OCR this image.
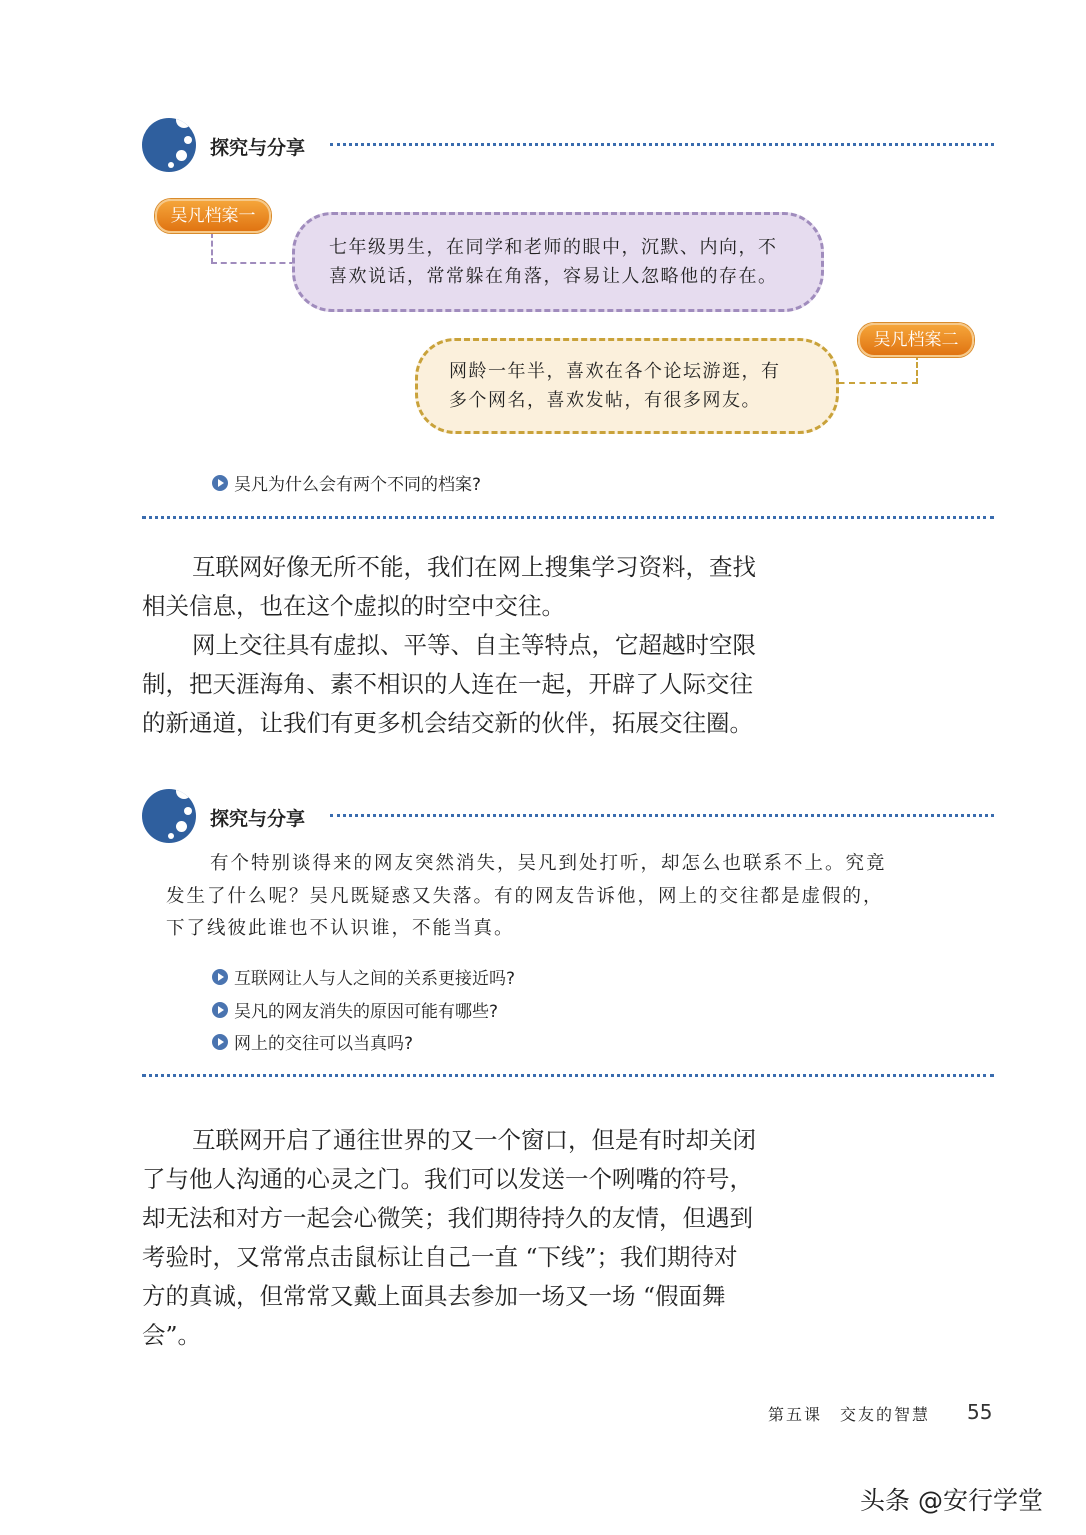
探究与分享
吴凡档案一
七年级男生，在同学和老师的眼中，沉默、内向，不
喜欢说话，常常躲在角落，容易让人忽略他的存在。
吴凡档案二
网龄一年半，喜欢在各个论坛游逛，有
多个网名，喜欢发帖，有很多网友。
吴凡为什么会有两个不同的档案?
互联网好像无所不能，我们在网上搜集学习资料，查找
相关信息，也在这个虚拟的时空中交往。
网上交往具有虚拟、平等、自主等特点，它超越时空限
制，把天涯海角、素不相识的人连在一起，开辟了人际交往
的新通道，让我们有更多机会结交新的伙伴，拓展交往圈。
探究与分享
有个特别谈得来的网友突然消失，吴凡到处打听，却怎么也联系不上。究竟
发生了什么呢？吴凡既疑惑又失落。有的网友告诉他，网上的交往都是虚假的，
下了线彼此谁也不认识谁，不能当真。
互联网让人与人之间的关系更接近吗?
吴凡的网友消失的原因可能有哪些?
网上的交往可以当真吗?
互联网开启了通往世界的又一个窗口，但是有时却关闭
了与他人沟通的心灵之门。我们可以发送一个咧嘴的符号，
却无法和对方一起会心微笑；我们期待持久的友情，但遇到
考验时，又常常点击鼠标让自己一直 “下线”；我们期待对
方的真诚，但常常又戴上面具去参加一场又一场 “假面舞
会”。
第五课　交友的智慧 55
头条 @安行学堂
